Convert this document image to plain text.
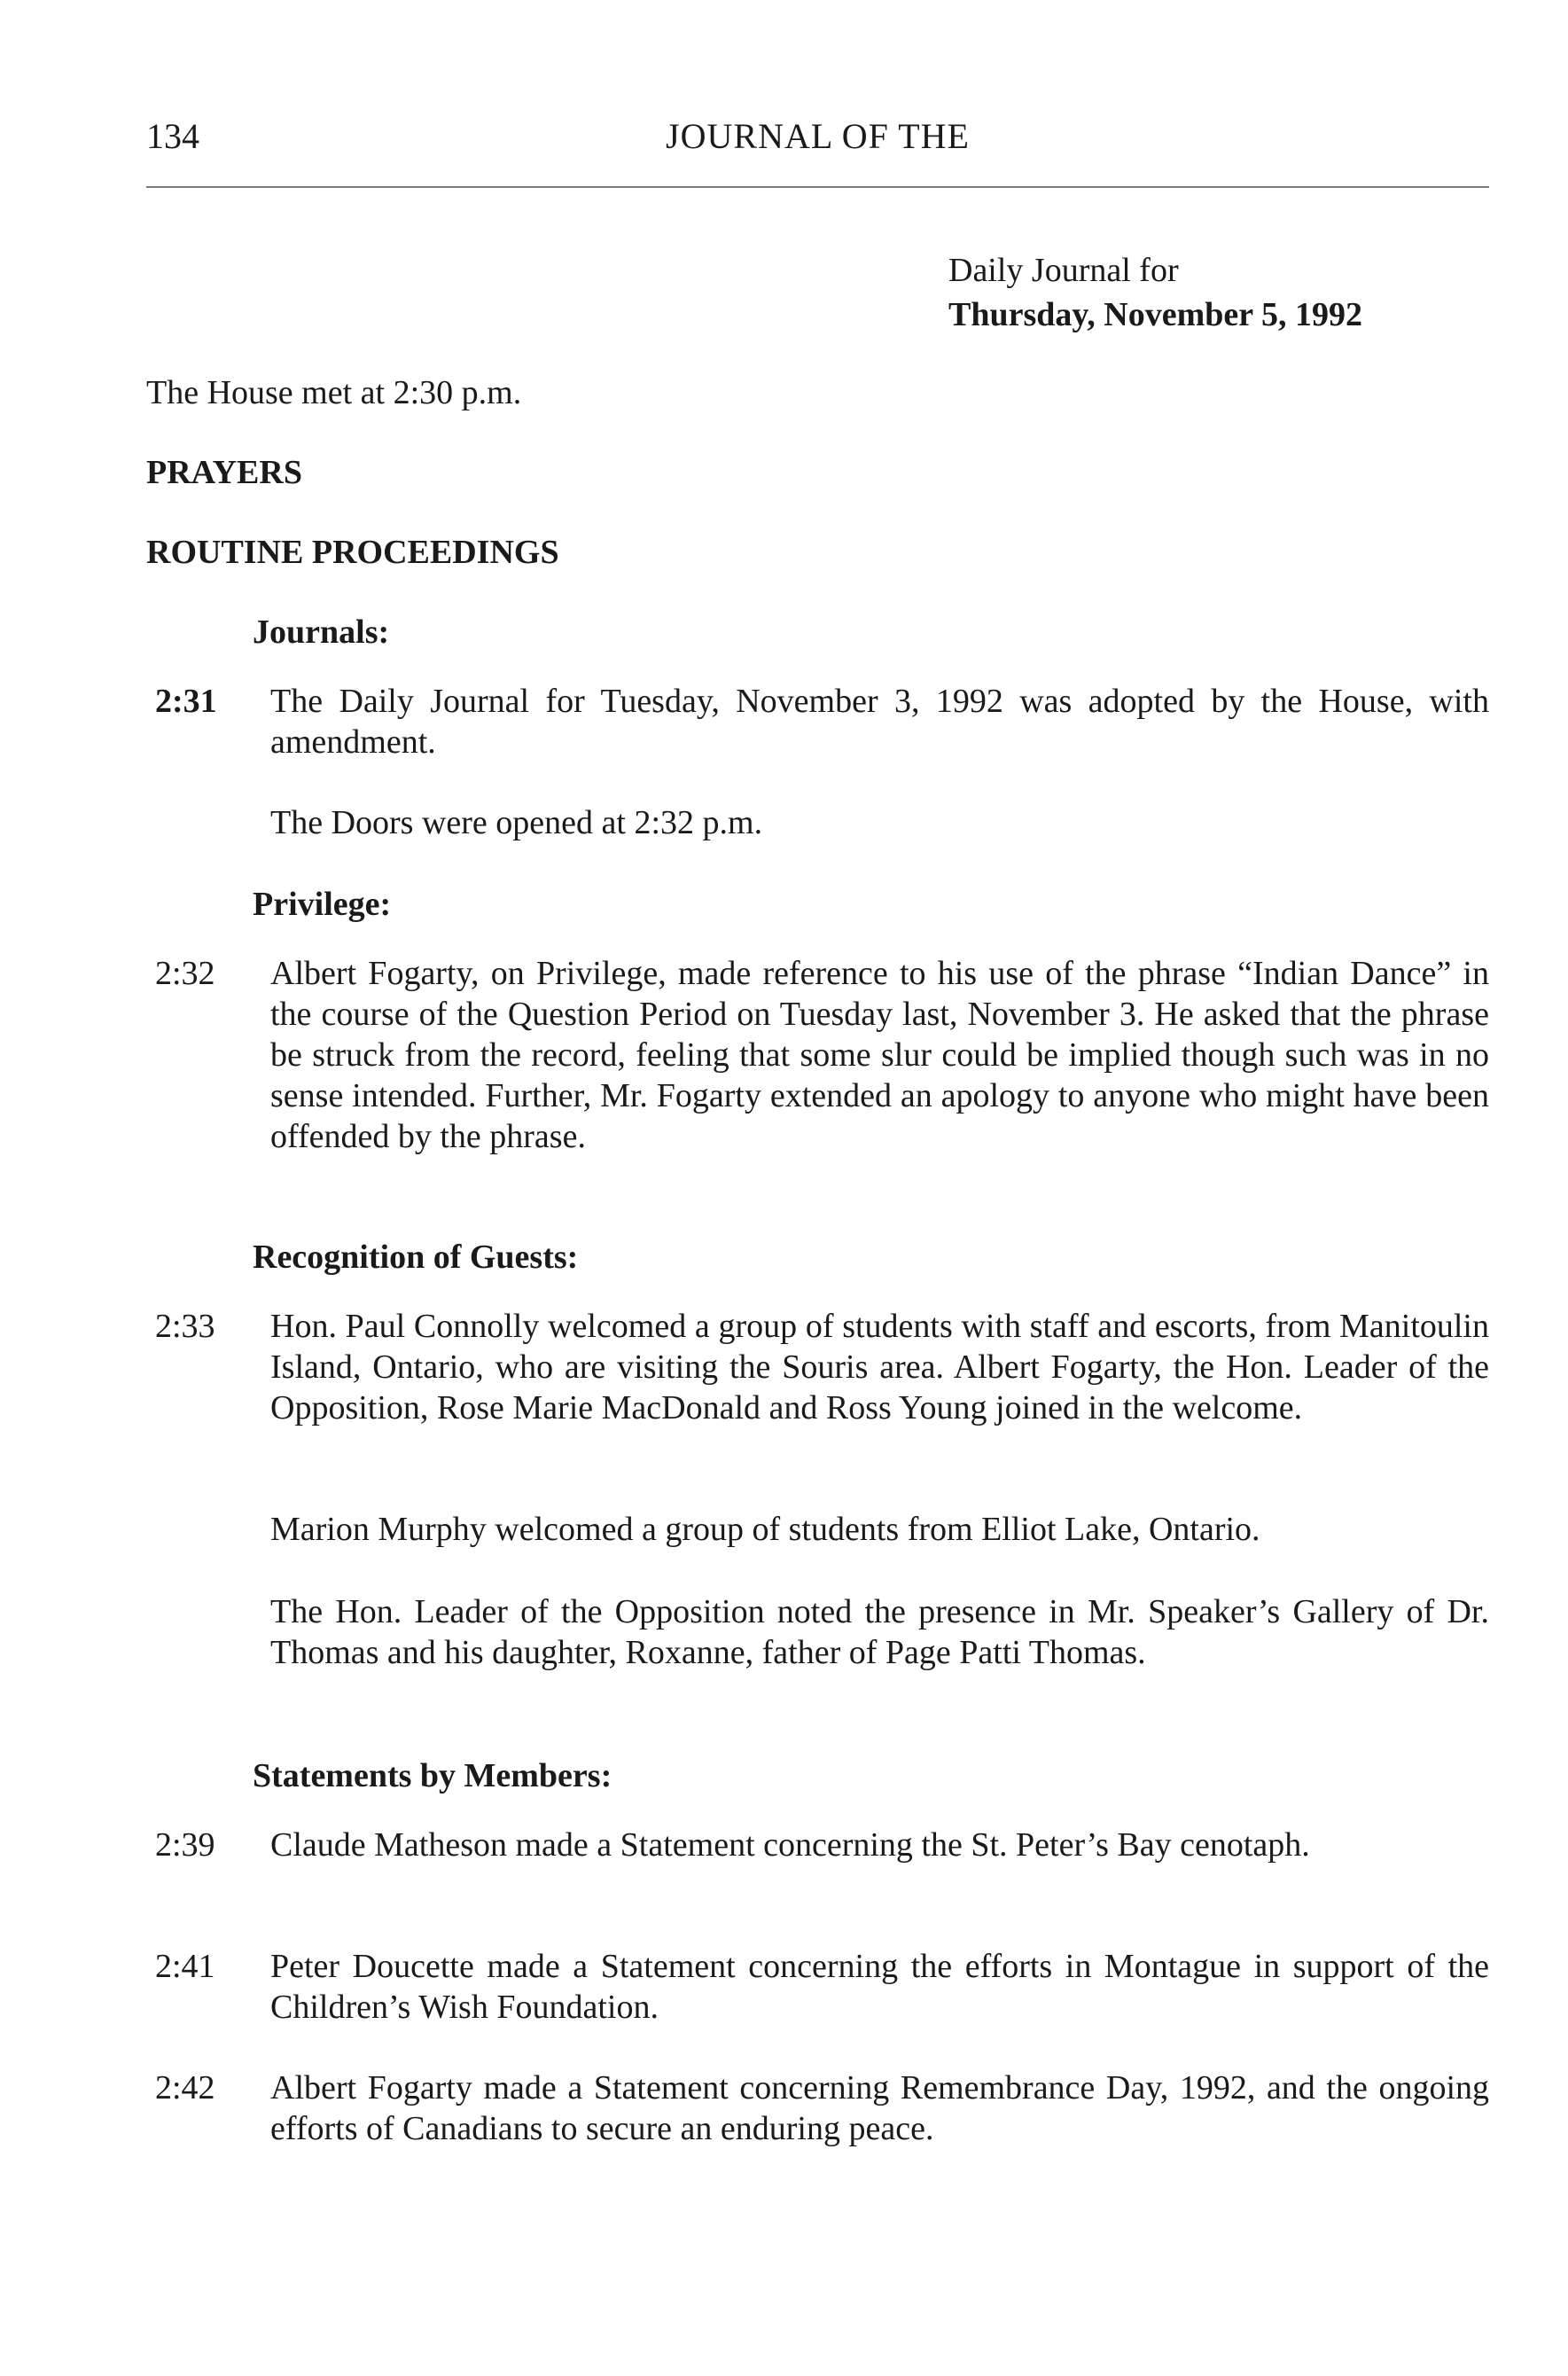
134	JOURNAL OF THE
Daily Journal for
Thursday, November 5, 1992
The House met at 2:30 p.m.
PRAYERS
ROUTINE PROCEEDINGS
Journals:
2:31 The Daily Journal for Tuesday, November 3, 1992 was adopted by the House, with amendment.
The Doors were opened at 2:32 p.m.
Privilege:
2:32 Albert Fogarty, on Privilege, made reference to his use of the phrase “Indian Dance” in the course of the Question Period on Tuesday last, November 3. He asked that the phrase be struck from the record, feeling that some slur could be implied though such was in no sense intended. Further, Mr. Fogarty extended an apology to anyone who might have been offended by the phrase.
Recognition of Guests:
2:33 Hon. Paul Connolly welcomed a group of students with staff and escorts, from Manitoulin Island, Ontario, who are visiting the Souris area. Albert Fogarty, the Hon. Leader of the Opposition, Rose Marie MacDonald and Ross Young joined in the welcome.
Marion Murphy welcomed a group of students from Elliot Lake, Ontario.
The Hon. Leader of the Opposition noted the presence in Mr. Speaker’s Gallery of Dr. Thomas and his daughter, Roxanne, father of Page Patti Thomas.
Statements by Members:
2:39 Claude Matheson made a Statement concerning the St. Peter’s Bay cenotaph.
2:41 Peter Doucette made a Statement concerning the efforts in Montague in support of the Children’s Wish Foundation.
2:42 Albert Fogarty made a Statement concerning Remembrance Day, 1992, and the ongoing efforts of Canadians to secure an enduring peace.
